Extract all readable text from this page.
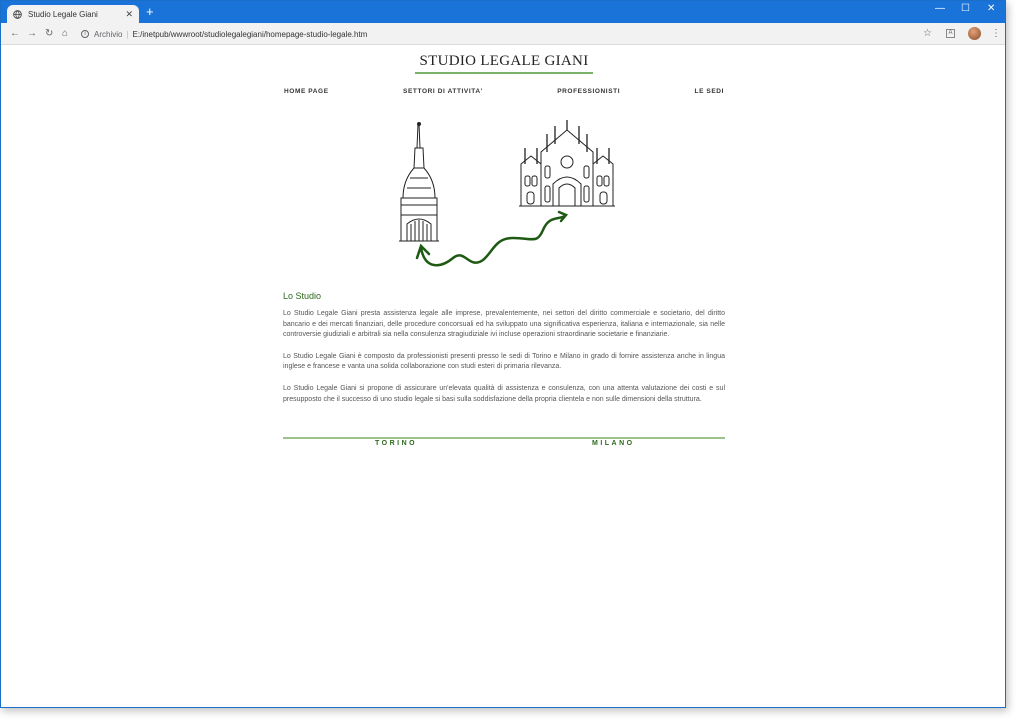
Studio Legale Giani	✕ +	— ☐ ✕
← → ↻ ⌂	i	Archivio | E:/inetpub/wwwroot/studiolegalegiani/homepage-studio-legale.htm	☆	A	⋮
STUDIO LEGALE GIANI
HOME PAGE	SETTORI DI ATTIVITA'	PROFESSIONISTI	LE SEDI
Lo Studio

Lo Studio Legale Giani presta assistenza legale alle imprese, prevalentemente, nei settori del diritto commerciale e societario, del diritto bancario e dei mercati finanziari, delle procedure concorsuali ed ha sviluppato una significativa esperienza, italiana e internazionale, sia nelle controversie giudiziali e arbitrali sia nella consulenza stragiudiziale ivi incluse operazioni straordinarie societarie e finanziarie.

Lo Studio Legale Giani è composto da professionisti presenti presso le sedi di Torino e Milano in grado di fornire assistenza anche in lingua inglese e francese e vanta una solida collaborazione con studi esteri di primaria rilevanza.

Lo Studio Legale Giani si propone di assicurare un'elevata qualità di assistenza e consulenza, con una attenta valutazione dei costi e sul presupposto che il successo di uno studio legale si basi sulla soddisfazione della propria clientela e non sulle dimensioni della struttura.

TORINO	MILANO
